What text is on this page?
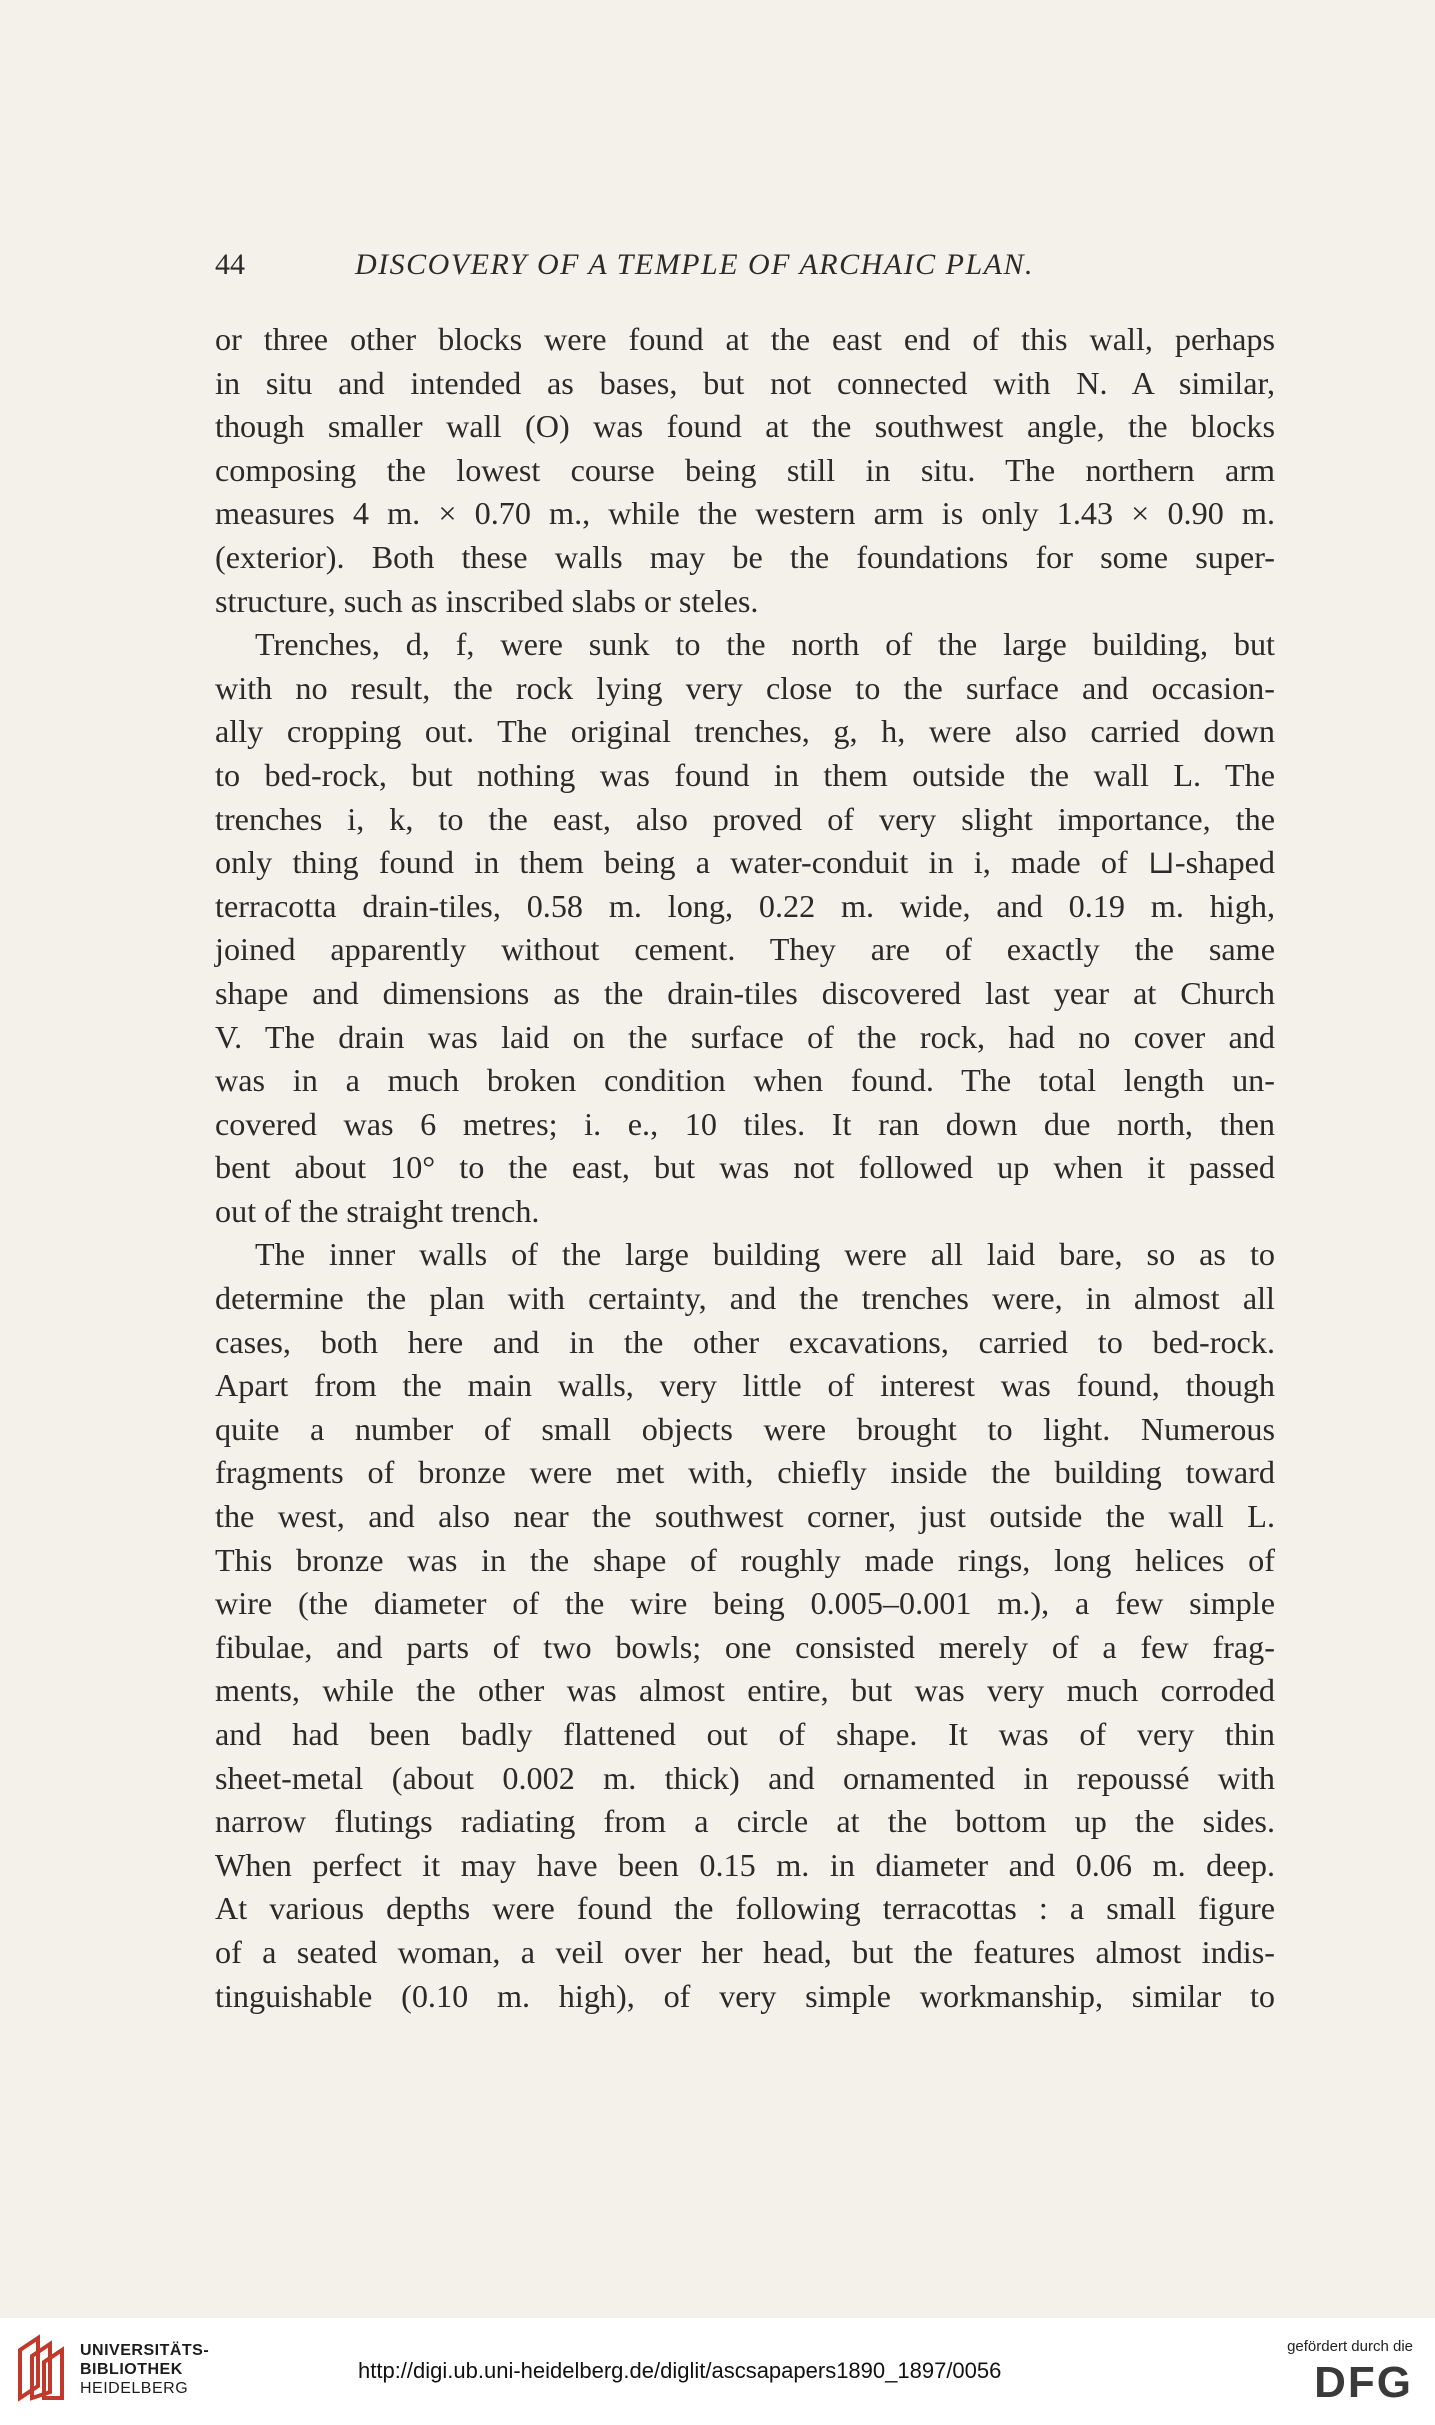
44	DISCOVERY OF A TEMPLE OF ARCHAIC PLAN.
or three other blocks were found at the east end of this wall, perhaps
in situ and intended as bases, but not connected with N. A similar,
though smaller wall (O) was found at the southwest angle, the blocks
composing the lowest course being still in situ. The northern arm
measures 4 m. × 0.70 m., while the western arm is only 1.43 × 0.90 m.
(exterior). Both these walls may be the foundations for some super-
structure, such as inscribed slabs or steles.
Trenches, d, f, were sunk to the north of the large building, but
with no result, the rock lying very close to the surface and occasion-
ally cropping out. The original trenches, g, h, were also carried down
to bed-rock, but nothing was found in them outside the wall L. The
trenches i, k, to the east, also proved of very slight importance, the
only thing found in them being a water-conduit in i, made of ⊔-shaped
terracotta drain-tiles, 0.58 m. long, 0.22 m. wide, and 0.19 m. high,
joined apparently without cement. They are of exactly the same
shape and dimensions as the drain-tiles discovered last year at Church
V. The drain was laid on the surface of the rock, had no cover and
was in a much broken condition when found. The total length un-
covered was 6 metres; i. e., 10 tiles. It ran down due north, then
bent about 10° to the east, but was not followed up when it passed
out of the straight trench.
The inner walls of the large building were all laid bare, so as to
determine the plan with certainty, and the trenches were, in almost all
cases, both here and in the other excavations, carried to bed-rock.
Apart from the main walls, very little of interest was found, though
quite a number of small objects were brought to light. Numerous
fragments of bronze were met with, chiefly inside the building toward
the west, and also near the southwest corner, just outside the wall L.
This bronze was in the shape of roughly made rings, long helices of
wire (the diameter of the wire being 0.005–0.001 m.), a few simple
fibulae, and parts of two bowls; one consisted merely of a few frag-
ments, while the other was almost entire, but was very much corroded
and had been badly flattened out of shape. It was of very thin
sheet-metal (about 0.002 m. thick) and ornamented in repoussé with
narrow flutings radiating from a circle at the bottom up the sides.
When perfect it may have been 0.15 m. in diameter and 0.06 m. deep.
At various depths were found the following terracottas : a small figure
of a seated woman, a veil over her head, but the features almost indis-
tinguishable (0.10 m. high), of very simple workmanship, similar to
UNIVERSITÄTS-
BIBLIOTHEK
HEIDELBERG
http://digi.ub.uni-heidelberg.de/diglit/ascsapapers1890_1897/0056
gefördert durch die
DFG
